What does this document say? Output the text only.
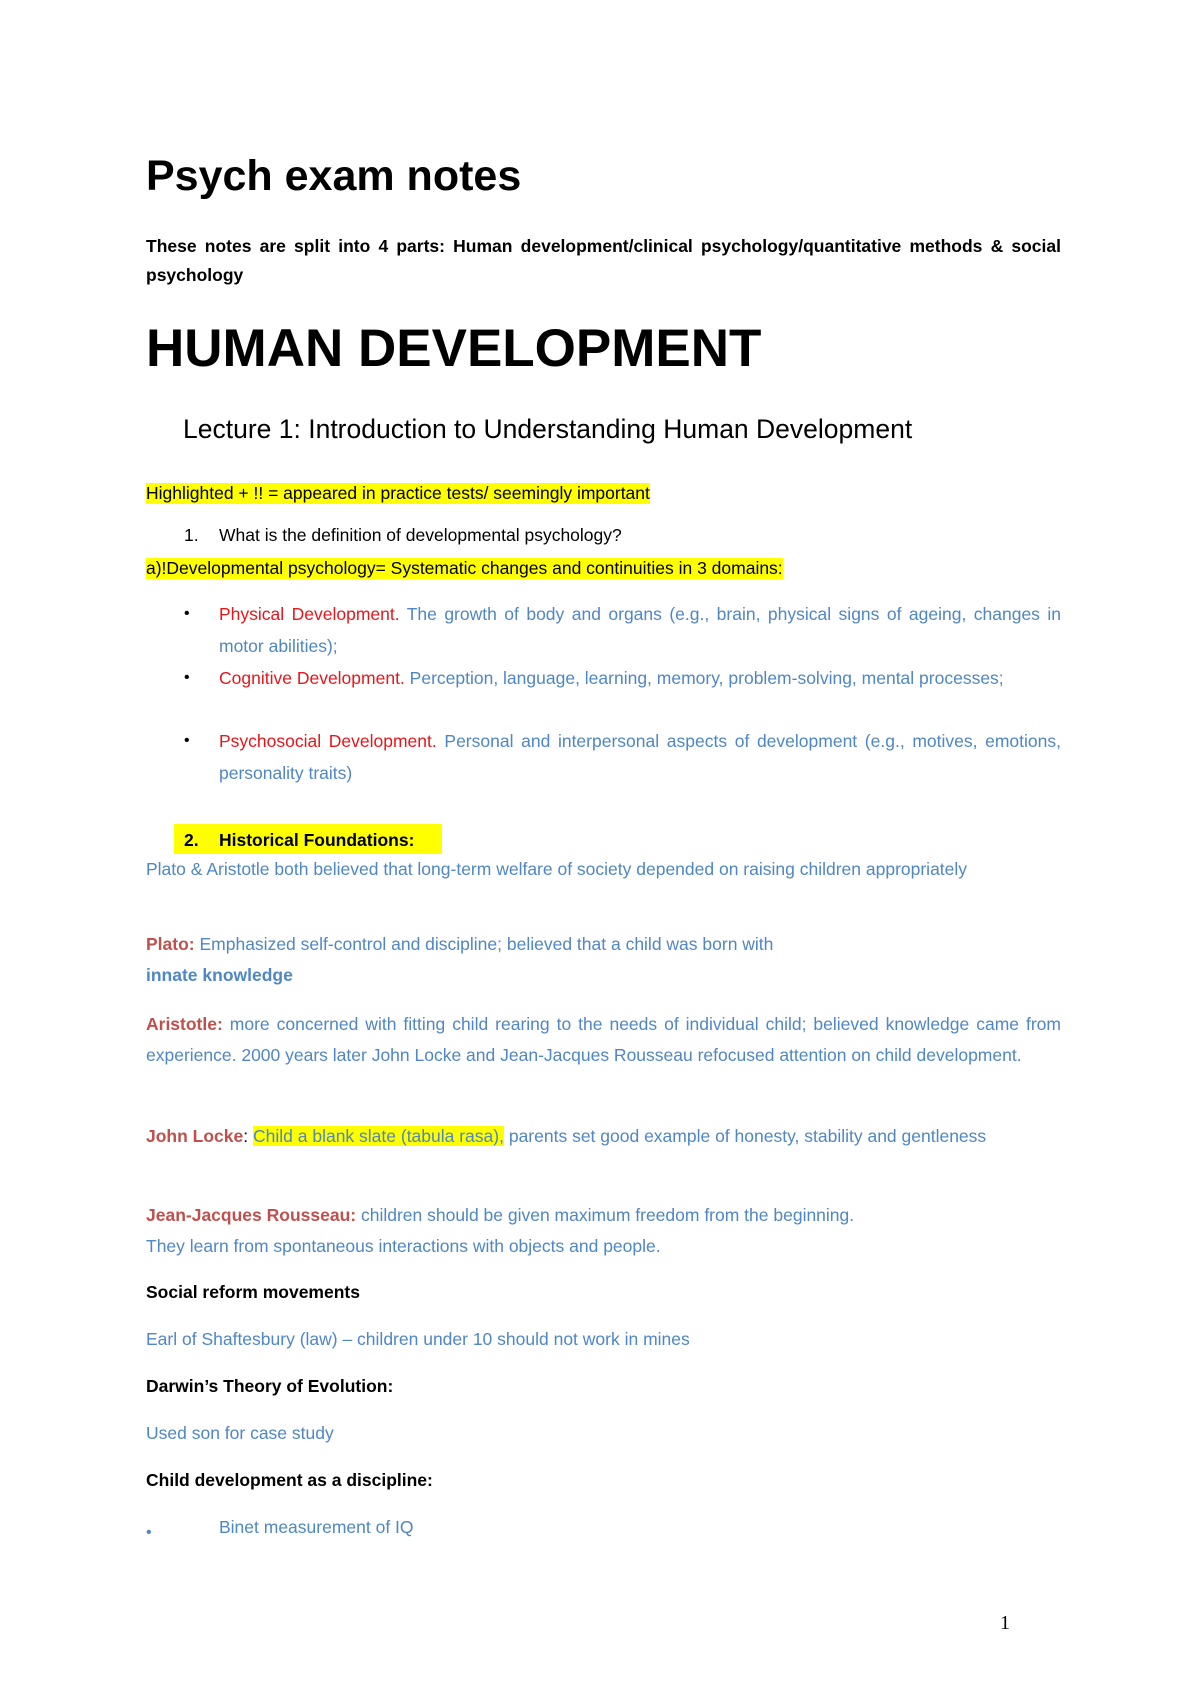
Psych exam notes
These notes are split into 4 parts: Human development/clinical psychology/quantitative methods & social psychology
HUMAN DEVELOPMENT
Lecture 1: Introduction to Understanding Human Development
Highlighted + !! = appeared in practice tests/ seemingly important
1. What is the definition of developmental psychology?
a)!Developmental psychology= Systematic changes and continuities in 3 domains:
• Physical Development. The growth of body and organs (e.g., brain, physical signs of ageing, changes in motor abilities);
• Cognitive Development. Perception, language, learning, memory, problem-solving, mental processes;
• Psychosocial Development. Personal and interpersonal aspects of development (e.g., motives, emotions, personality traits)
2. Historical Foundations:
Plato & Aristotle both believed that long-term welfare of society depended on raising children appropriately
Plato: Emphasized self-control and discipline; believed that a child was born with
innate knowledge
Aristotle: more concerned with fitting child rearing to the needs of individual child; believed knowledge came from experience. 2000 years later John Locke and Jean-Jacques Rousseau refocused attention on child development.
John Locke: Child a blank slate (tabula rasa), parents set good example of honesty, stability and gentleness
Jean-Jacques Rousseau: children should be given maximum freedom from the beginning.
They learn from spontaneous interactions with objects and people.
Social reform movements
Earl of Shaftesbury (law) – children under 10 should not work in mines
Darwin’s Theory of Evolution:
Used son for case study
Child development as a discipline:
•	Binet measurement of IQ
1
